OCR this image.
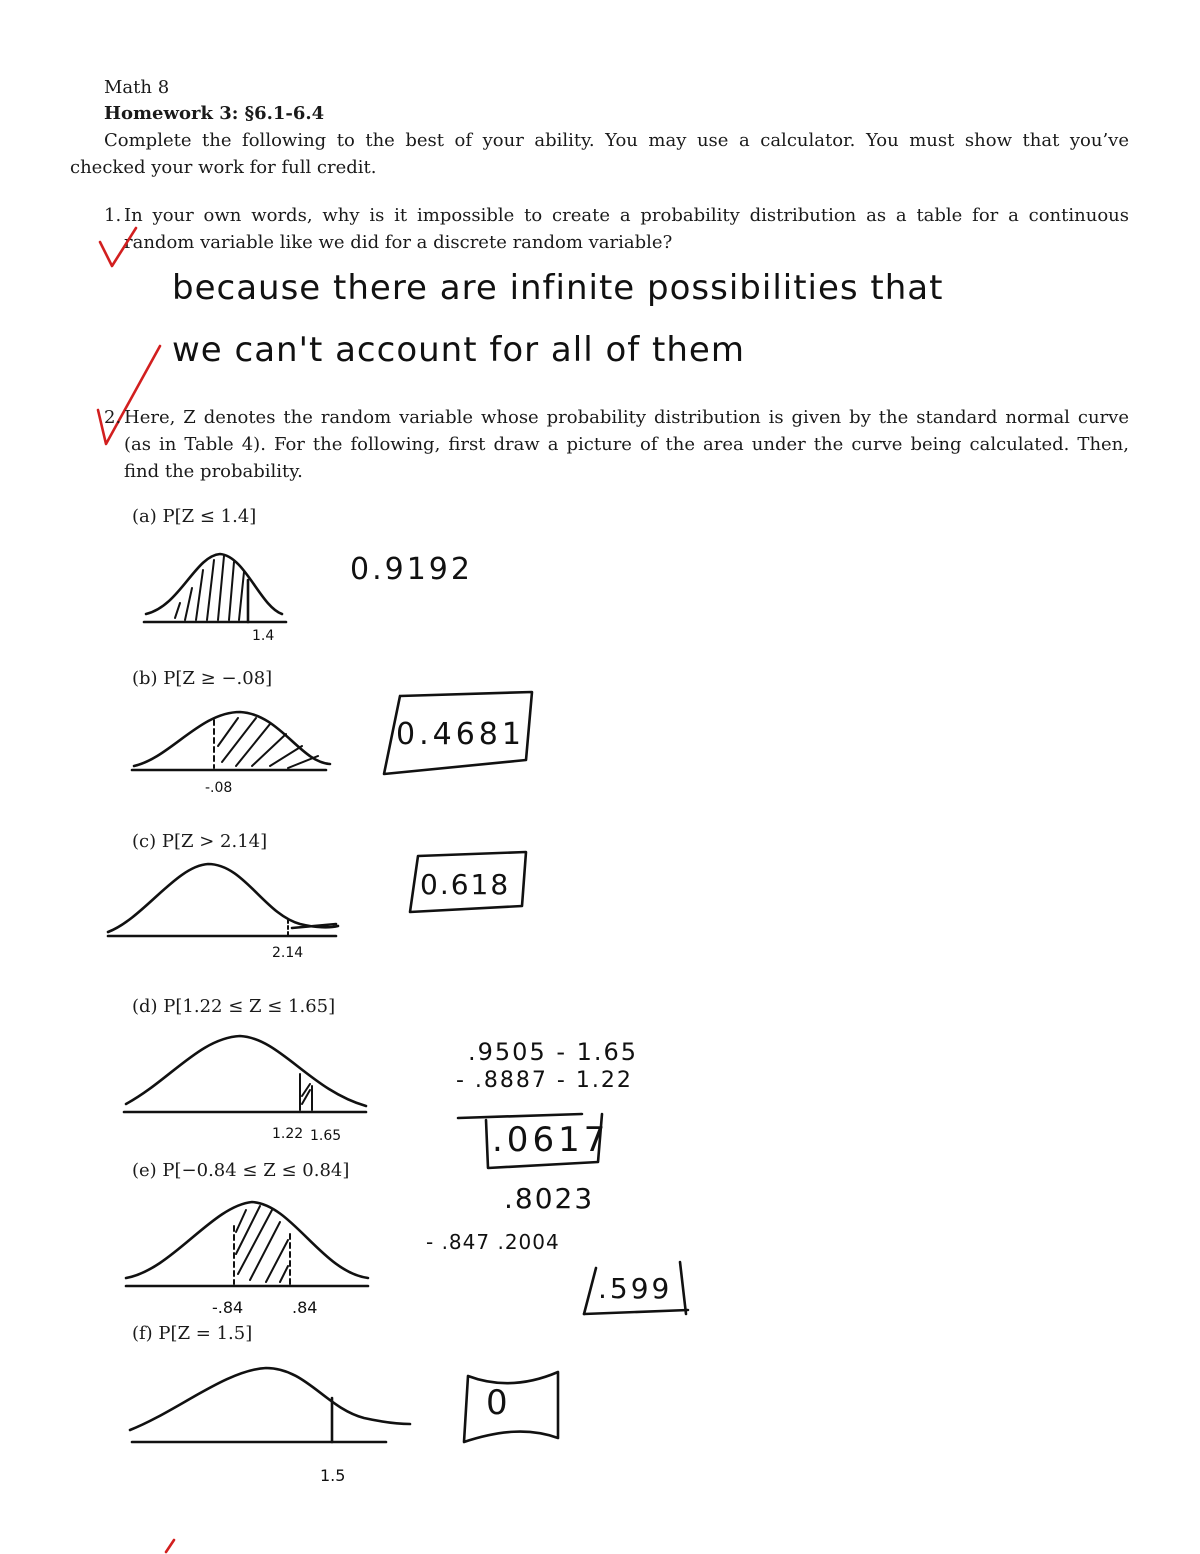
Math 8
Homework 3: §6.1-6.4
Complete the following to the best of your ability. You may use a calculator. You must show that you’ve
checked your work for full credit.
1. In your own words, why is it impossible to create a probability distribution as a table for a continuous
random variable like we did for a discrete random variable?
because there are infinite possibilities that
we can't account for all of them
2. Here, Z denotes the random variable whose probability distribution is given by the standard normal curve
(as in Table 4). For the following, first draw a picture of the area under the curve being calculated. Then,
find the probability.
(a) P[Z ≤ 1.4]
1.4
0.9192
(b) P[Z ≥ −.08]
-.08
0.4681
(c) P[Z > 2.14]
2.14
0.618
(d) P[1.22 ≤ Z ≤ 1.65]
1.22 1.65
.9505 - 1.65
- .8887 - 1.22
.0617
(e) P[−0.84 ≤ Z ≤ 0.84]
-.84	.84
.8023
- .847 .2004
.599
(f) P[Z = 1.5]
1.5
0
